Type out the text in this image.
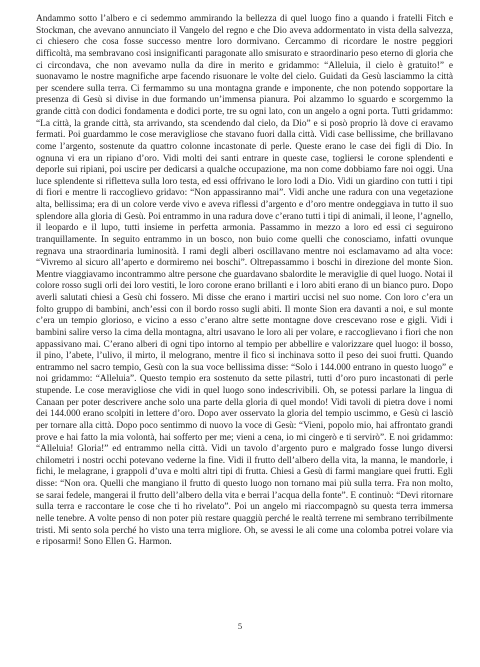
Andammo sotto l’albero e ci sedemmo ammirando la bellezza di quel luogo fino a quando i fratelli Fitch e Stockman, che avevano annunciato il Vangelo del regno e che Dio aveva addormentato in vista della salvezza, ci chiesero che cosa fosse successo mentre loro dormivano. Cercammo di ricordare le nostre peggiori difficoltà, ma sembravano così insignificanti paragonate allo smisurato e straordinario peso eterno di gloria che ci circondava, che non avevamo nulla da dire in merito e gridammo: “Alleluia, il cielo è gratuito!” e suonavamo le nostre magnifiche arpe facendo risuonare le volte del cielo. Guidati da Gesù lasciammo la città per scendere sulla terra. Ci fermammo su una montagna grande e imponente, che non potendo sopportare la presenza di Gesù si divise in due formando un’immensa pianura. Poi alzammo lo sguardo e scorgemmo la grande città con dodici fondamenta e dodici porte, tre su ogni lato, con un angelo a ogni porta. Tutti gridammo: “La città, la grande città, sta arrivando, sta scendendo dal cielo, da Dio” e si posò proprio là dove ci eravamo fermati. Poi guardammo le cose meravigliose che stavano fuori dalla città. Vidi case bellissime, che brillavano come l’argento, sostenute da quattro colonne incastonate di perle. Queste erano le case dei figli di Dio. In ognuna vi era un ripiano d’oro. Vidi molti dei santi entrare in queste case, togliersi le corone splendenti e deporle sui ripiani, poi uscire per dedicarsi a qualche occupazione, ma non come dobbiamo fare noi oggi. Una luce splendente si rifletteva sulla loro testa, ed essi offrivano le loro lodi a Dio. Vidi un giardino con tutti i tipi di fiori e mentre li raccoglievo gridavo: “Non appassiranno mai”. Vidi anche une radura con una vegetazione alta, bellissima; era di un colore verde vivo e aveva riflessi d’argento e d’oro mentre ondeggiava in tutto il suo splendore alla gloria di Gesù. Poi entrammo in una radura dove c’erano tutti i tipi di animali, il leone, l’agnello, il leopardo e il lupo, tutti insieme in perfetta armonia. Passammo in mezzo a loro ed essi ci seguirono tranquillamente. In seguito entrammo in un bosco, non buio come quelli che conosciamo, infatti ovunque regnava una straordinaria luminosità. I rami degli alberi oscillavano mentre noi esclamavamo ad alta voce: “Vivremo al sicuro all’aperto e dormiremo nei boschi”. Oltrepassammo i boschi in direzione del monte Sion. Mentre viaggiavamo incontrammo altre persone che guardavano sbalordite le meraviglie di quel luogo. Notai il colore rosso sugli orli dei loro vestiti, le loro corone erano brillanti e i loro abiti erano di un bianco puro. Dopo averli salutati chiesi a Gesù chi fossero. Mi disse che erano i martiri uccisi nel suo nome. Con loro c’era un folto gruppo di bambini, anch’essi con il bordo rosso sugli abiti. Il monte Sion era davanti a noi, e sul monte c’era un tempio glorioso, e vicino a esso c’erano altre sette montagne dove crescevano rose e gigli. Vidi i bambini salire verso la cima della montagna, altri usavano le loro ali per volare, e raccoglievano i fiori che non appassivano mai. C’erano alberi di ogni tipo intorno al tempio per abbellire e valorizzare quel luogo: il bosso, il pino, l’abete, l’ulivo, il mirto, il melograno, mentre il fico si inchinava sotto il peso dei suoi frutti. Quando entrammo nel sacro tempio, Gesù con la sua voce bellissima disse: “Solo i 144.000 entrano in questo luogo” e noi gridammo: “Alleluia”. Questo tempio era sostenuto da sette pilastri, tutti d’oro puro incastonati di perle stupende. Le cose meravigliose che vidi in quel luogo sono indescrivibili. Oh, se potessi parlare la lingua di Canaan per poter descrivere anche solo una parte della gloria di quel mondo! Vidi tavoli di pietra dove i nomi dei 144.000 erano scolpiti in lettere d’oro. Dopo aver osservato la gloria del tempio uscimmo, e Gesù ci lasciò per tornare alla città. Dopo poco sentimmo di nuovo la voce di Gesù: “Vieni, popolo mio, hai affrontato grandi prove e hai fatto la mia volontà, hai sofferto per me; vieni a cena, io mi cingerò e ti servirò”. E noi gridammo: “Alleluia! Gloria!” ed entrammo nella città. Vidi un tavolo d’argento puro e malgrado fosse lungo diversi chilometri i nostri occhi potevano vederne la fine. Vidi il frutto dell’albero della vita, la manna, le mandorle, i fichi, le melagrane, i grappoli d’uva e molti altri tipi di frutta. Chiesi a Gesù di farmi mangiare quei frutti. Egli disse: “Non ora. Quelli che mangiano il frutto di questo luogo non tornano mai più sulla terra. Fra non molto, se sarai fedele, mangerai il frutto dell’albero della vita e berrai l’acqua della fonte”. E continuò: “Devi ritornare sulla terra e raccontare le cose che ti ho rivelato”. Poi un angelo mi riaccompagnò su questa terra immersa nelle tenebre. A volte penso di non poter più restare quaggiù perché le realtà terrene mi sembrano terribilmente tristi. Mi sento sola perché ho visto una terra migliore. Oh, se avessi le ali come una colomba potrei volare via e riposarmi! Sono Ellen G. Harmon.

5
